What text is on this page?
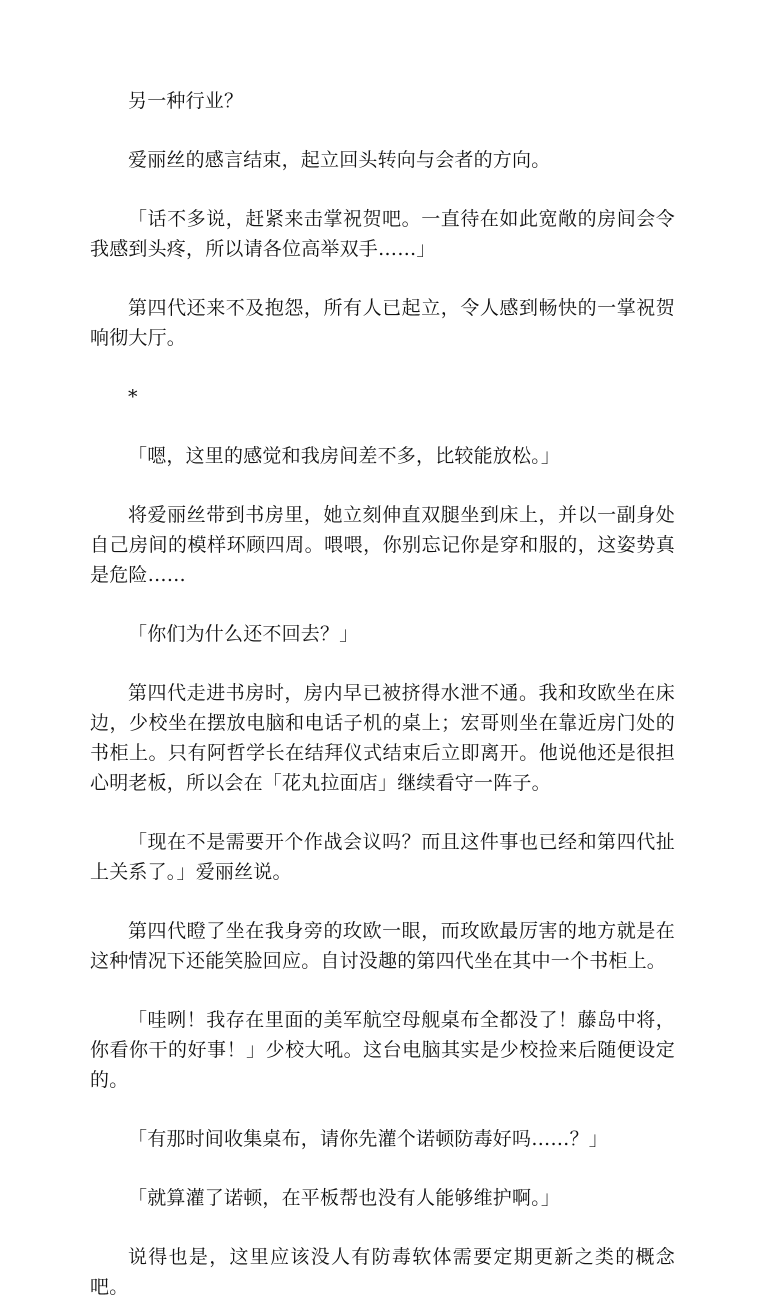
另一种行业？

爱丽丝的感言结束，起立回头转向与会者的方向。

「话不多说，赶紧来击掌祝贺吧。一直待在如此宽敞的房间会令我感到头疼，所以请各位高举双手……」

第四代还来不及抱怨，所有人已起立，令人感到畅快的一掌祝贺响彻大厅。

*

「嗯，这里的感觉和我房间差不多，比较能放松。」

将爱丽丝带到书房里，她立刻伸直双腿坐到床上，并以一副身处自己房间的模样环顾四周。喂喂，你别忘记你是穿和服的，这姿势真是危险……

「你们为什么还不回去？」

第四代走进书房时，房内早已被挤得水泄不通。我和玫欧坐在床边，少校坐在摆放电脑和电话子机的桌上；宏哥则坐在靠近房门处的书柜上。只有阿哲学长在结拜仪式结束后立即离开。他说他还是很担心明老板，所以会在「花丸拉面店」继续看守一阵子。

「现在不是需要开个作战会议吗？而且这件事也已经和第四代扯上关系了。」爱丽丝说。

第四代瞪了坐在我身旁的玫欧一眼，而玫欧最厉害的地方就是在这种情况下还能笑脸回应。自讨没趣的第四代坐在其中一个书柜上。

「哇咧！我存在里面的美军航空母舰桌布全都没了！藤岛中将，你看你干的好事！」少校大吼。这台电脑其实是少校捡来后随便设定的。

「有那时间收集桌布，请你先灌个诺顿防毒好吗……？」

「就算灌了诺顿，在平板帮也没有人能够维护啊。」

说得也是，这里应该没人有防毒软体需要定期更新之类的概念吧。
